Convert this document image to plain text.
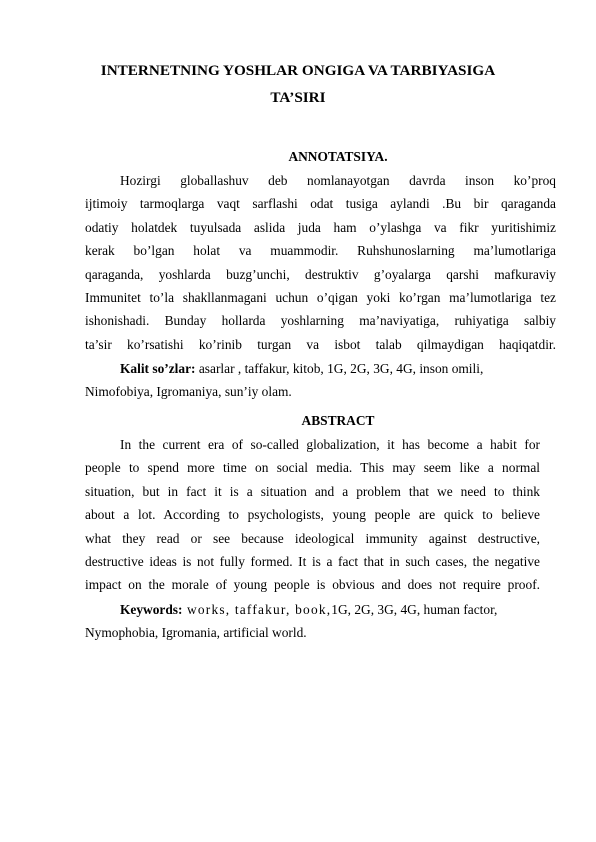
INTERNETNING YOSHLAR ONGIGA VA TARBIYASIGA
TA’SIRI
ANNOTATSIYA.
Hozirgi globallashuv deb nomlanayotgan davrda inson ko’proq
ijtimoiy tarmoqlarga vaqt sarflashi odat tusiga aylandi .Bu bir qaraganda
odatiy holatdek tuyulsada aslida juda ham o’ylashga va fikr yuritishimiz
kerak bo’lgan holat va muammodir. Ruhshunoslarning ma’lumotlariga
qaraganda, yoshlarda buzg’unchi, destruktiv g’oyalarga qarshi mafkuraviy
Immunitet to’la shakllanmagani uchun o’qigan yoki ko’rgan ma’lumotlariga tez
ishonishadi. Bunday hollarda yoshlarning ma’naviyatiga, ruhiyatiga salbiy
ta’sir ko’rsatishi ko’rinib turgan va isbot talab qilmaydigan haqiqatdir.
Kalit so’zlar: asarlar , taffakur, kitob, 1G, 2G, 3G, 4G, inson omili,
Nimofobiya, Igromaniya, sun’iy olam.
ABSTRACT
In the current era of so-called globalization, it has become a habit for
people to spend more time on social media. This may seem like a normal
situation, but in fact it is a situation and a problem that we need to think
about a lot. According to psychologists, young people are quick to believe
what they read or see because ideological immunity against destructive,
destructive ideas is not fully formed. It is a fact that in such cases, the negative
impact on the morale of young people is obvious and does not require proof.
Keywords: works, taffakur, book,1G, 2G, 3G, 4G, human factor,
Nymophobia, Igromania, artificial world.
